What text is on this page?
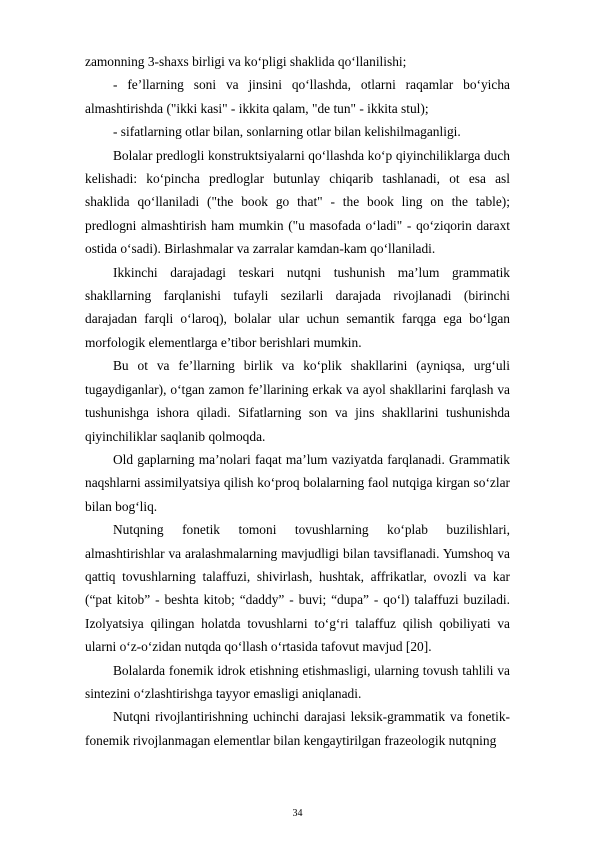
zamonning 3-shaxs birligi va ko‘pligi shaklida qo‘llanilishi;

- fe’llarning soni va jinsini qo‘llashda, otlarni raqamlar bo‘yicha almashtirishda ("ikki kasi" - ikkita qalam, "de tun" - ikkita stul);

- sifatlarning otlar bilan, sonlarning otlar bilan kelishilmaganligi.

Bolalar predlogli konstruktsiyalarni qo‘llashda ko‘p qiyinchiliklarga duch kelishadi: ko‘pincha predloglar butunlay chiqarib tashlanadi, ot esa asl shaklida qo‘llaniladi ("the book go that" - the book ling on the table); predlogni almashtirish ham mumkin ("u masofada o‘ladi" - qo‘ziqorin daraxt ostida o‘sadi). Birlashmalar va zarralar kamdan-kam qo‘llaniladi.

Ikkinchi darajadagi teskari nutqni tushunish ma’lum grammatik shakllarning farqlanishi tufayli sezilarli darajada rivojlanadi (birinchi darajadan farqli o‘laroq), bolalar ular uchun semantik farqga ega bo‘lgan morfologik elementlarga e’tibor berishlari mumkin.

Bu ot va fe’llarning birlik va ko‘plik shakllarini (ayniqsa, urg‘uli tugaydiganlar), o‘tgan zamon fe’llarining erkak va ayol shakllarini farqlash va tushunishga ishora qiladi. Sifatlarning son va jins shakllarini tushunishda qiyinchiliklar saqlanib qolmoqda.

Old gaplarning ma’nolari faqat ma’lum vaziyatda farqlanadi. Grammatik naqshlarni assimilyatsiya qilish ko‘proq bolalarning faol nutqiga kirgan so‘zlar bilan bog‘liq.

Nutqning fonetik tomoni tovushlarning ko‘plab buzilishlari, almashtirishlar va aralashmalarning mavjudligi bilan tavsiflanadi. Yumshoq va qattiq tovushlarning talaffuzi, shivirlash, hushtak, affrikatlar, ovozli va kar (“pat kitob” - beshta kitob; “daddy” - buvi; “dupa” - qo‘l) talaffuzi buziladi. Izolyatsiya qilingan holatda tovushlarni to‘g‘ri talaffuz qilish qobiliyati va ularni o‘z-o‘zidan nutqda qo‘llash o‘rtasida tafovut mavjud [20].

Bolalarda fonemik idrok etishning etishmasligi, ularning tovush tahlili va sintezini o‘zlashtirishga tayyor emasligi aniqlanadi.

Nutqni rivojlantirishning uchinchi darajasi leksik-grammatik va fonetik-fonemik rivojlanmagan elementlar bilan kengaytirilgan frazeologik nutqning

34
